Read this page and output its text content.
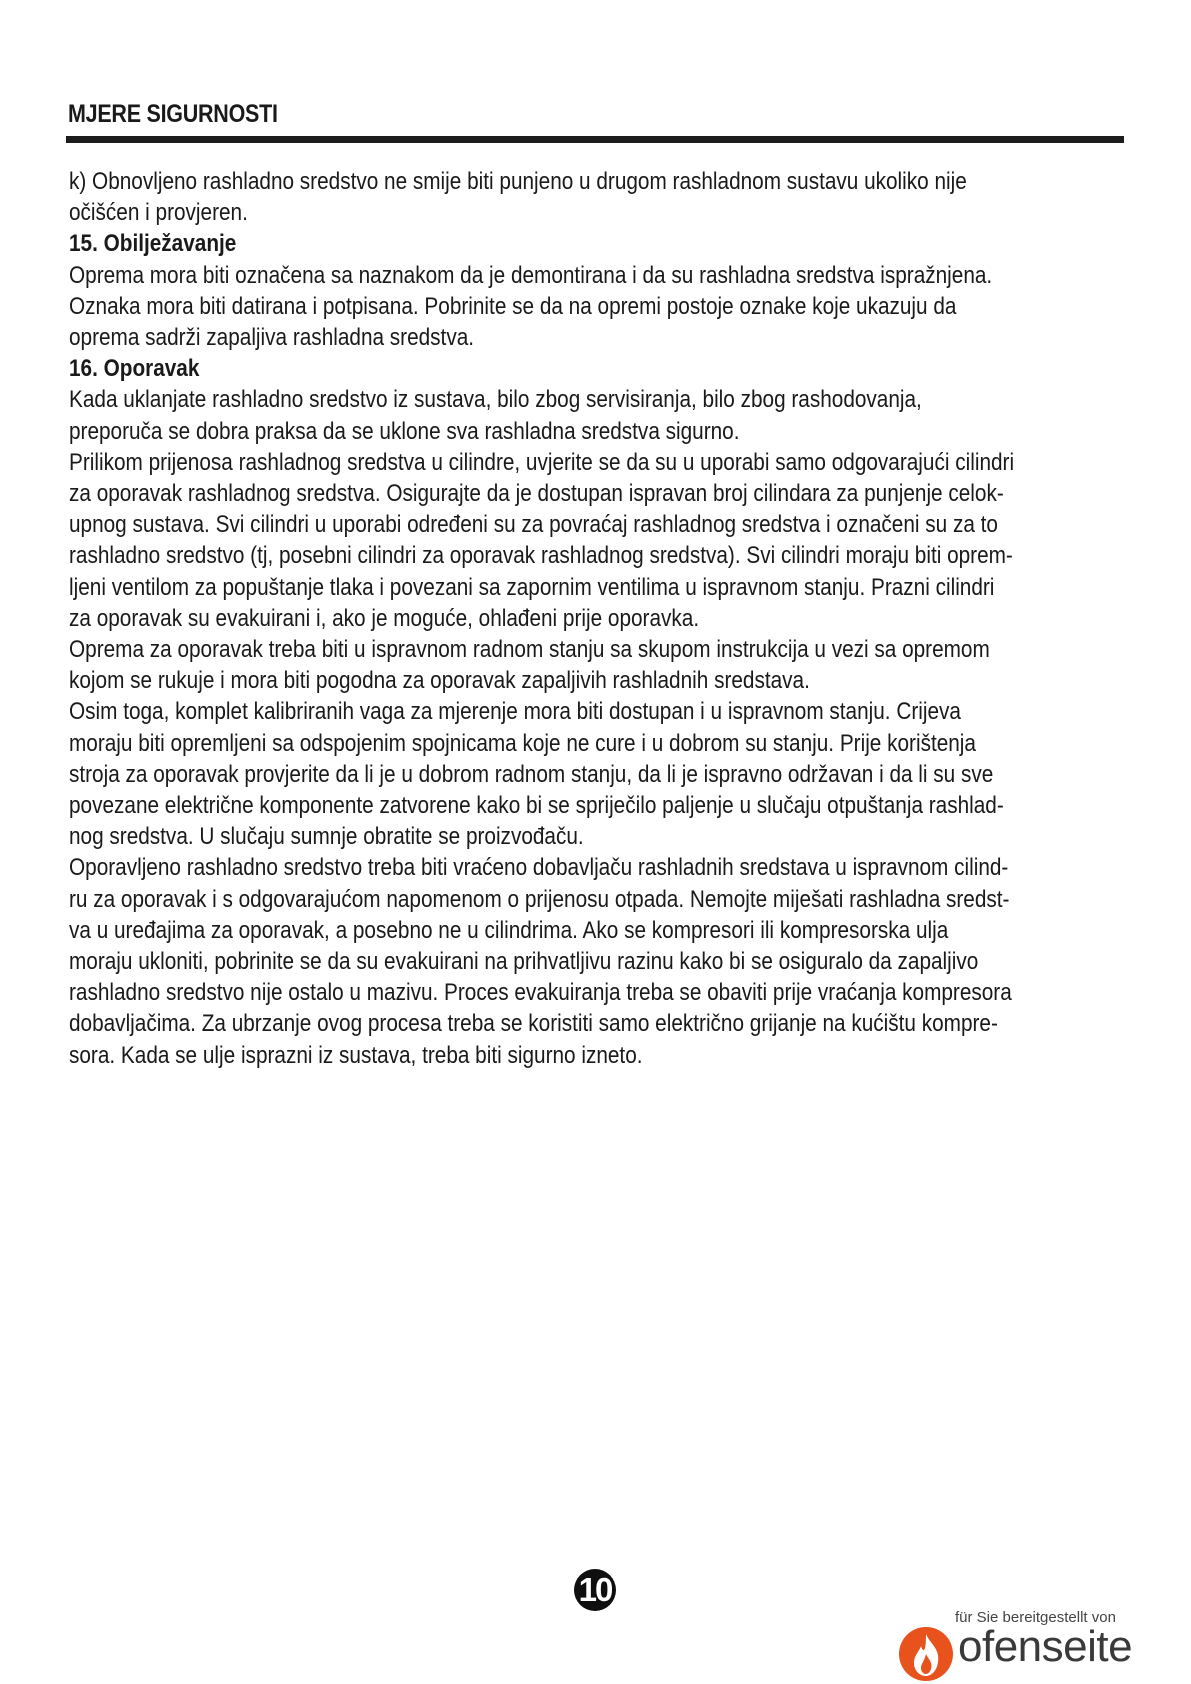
MJERE SIGURNOSTI
k) Obnovljeno rashladno sredstvo ne smije biti punjeno u drugom rashladnom sustavu ukoliko nije
očišćen i provjeren.
15. Obilježavanje
Oprema mora biti označena sa naznakom da je demontirana i da su rashladna sredstva ispražnjena.
Oznaka mora biti datirana i potpisana. Pobrinite se da na opremi postoje oznake koje ukazuju da
oprema sadrži zapaljiva rashladna sredstva.
16. Oporavak
Kada uklanjate rashladno sredstvo iz sustava, bilo zbog servisiranja, bilo zbog rashodovanja,
preporuča se dobra praksa da se uklone sva rashladna sredstva sigurno.
Prilikom prijenosa rashladnog sredstva u cilindre, uvjerite se da su u uporabi samo odgovarajući cilindri
za oporavak rashladnog sredstva. Osigurajte da je dostupan ispravan broj cilindara za punjenje celok-
upnog sustava. Svi cilindri u uporabi određeni su za povraćaj rashladnog sredstva i označeni su za to
rashladno sredstvo (tj, posebni cilindri za oporavak rashladnog sredstva). Svi cilindri moraju biti oprem-
ljeni ventilom za popuštanje tlaka i povezani sa zapornim ventilima u ispravnom stanju. Prazni cilindri
za oporavak su evakuirani i, ako je moguće, ohlađeni prije oporavka.
Oprema za oporavak treba biti u ispravnom radnom stanju sa skupom instrukcija u vezi sa opremom
kojom se rukuje i mora biti pogodna za oporavak zapaljivih rashladnih sredstava.
Osim toga, komplet kalibriranih vaga za mjerenje mora biti dostupan i u ispravnom stanju. Crijeva
moraju biti opremljeni sa odspojenim spojnicama koje ne cure i u dobrom su stanju. Prije korištenja
stroja za oporavak provjerite da li je u dobrom radnom stanju, da li je ispravno održavan i da li su sve
povezane električne komponente zatvorene kako bi se spriječilo paljenje u slučaju otpuštanja rashlad-
nog sredstva. U slučaju sumnje obratite se proizvođaču.
Oporavljeno rashladno sredstvo treba biti vraćeno dobavljaču rashladnih sredstava u ispravnom cilind-
ru za oporavak i s odgovarajućom napomenom o prijenosu otpada. Nemojte miješati rashladna sredst-
va u uređajima za oporavak, a posebno ne u cilindrima. Ako se kompresori ili kompresorska ulja
moraju ukloniti, pobrinite se da su evakuirani na prihvatljivu razinu kako bi se osiguralo da zapaljivo
rashladno sredstvo nije ostalo u mazivu. Proces evakuiranja treba se obaviti prije vraćanja kompresora
dobavljačima. Za ubrzanje ovog procesa treba se koristiti samo električno grijanje na kućištu kompre-
sora. Kada se ulje isprazni iz sustava, treba biti sigurno izneto.
10
für Sie bereitgestellt von
ofenseite
